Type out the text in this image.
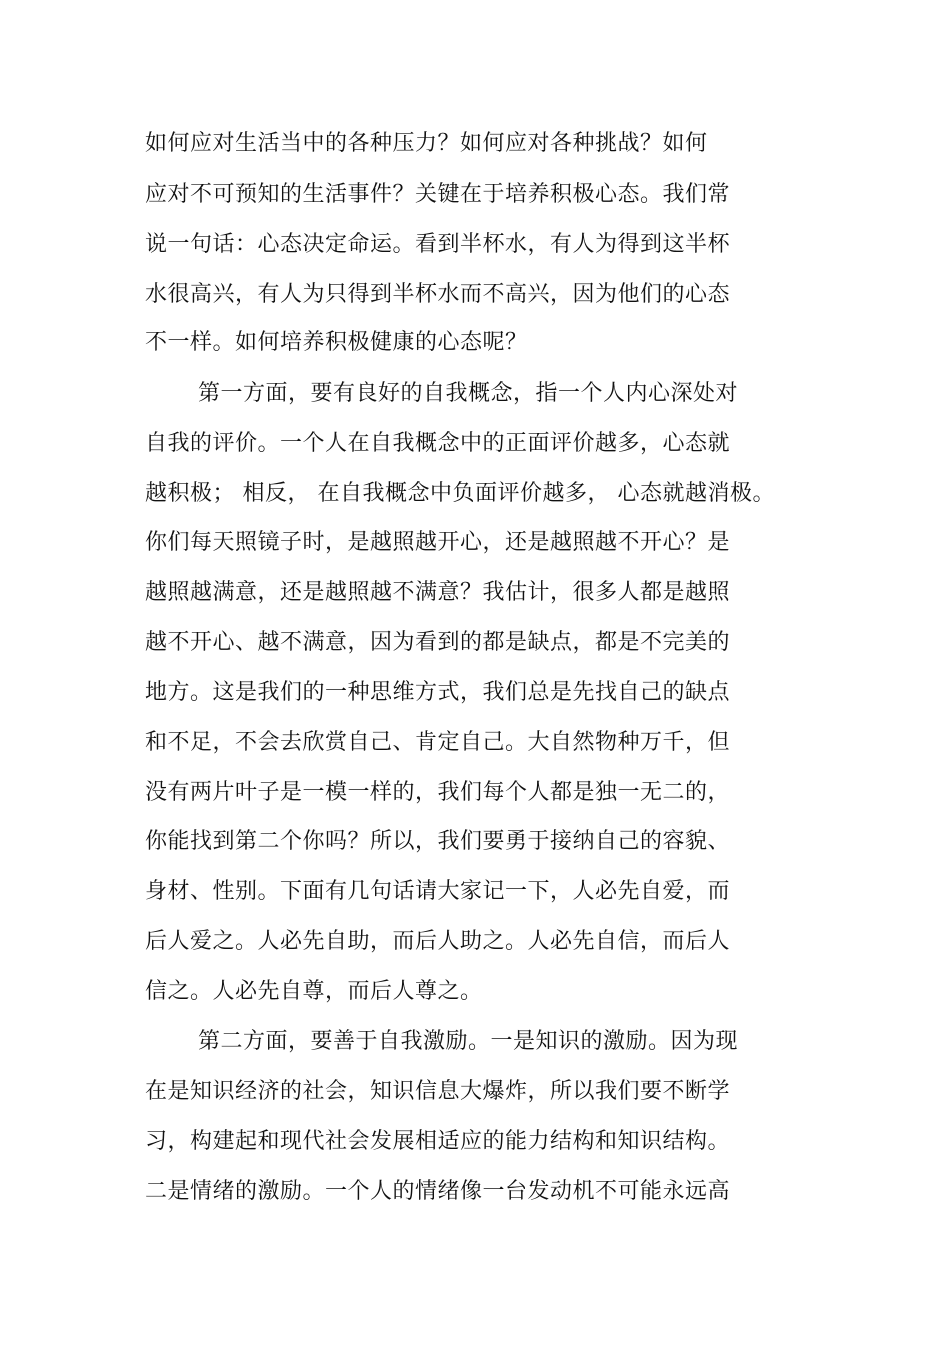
如何应对生活当中的各种压力？如何应对各种挑战？如何
应对不可预知的生活事件？关键在于培养积极心态。我们常
说一句话：心态决定命运。看到半杯水，有人为得到这半杯
水很高兴，有人为只得到半杯水而不高兴，因为他们的心态
不一样。如何培养积极健康的心态呢？
第一方面，要有良好的自我概念，指一个人内心深处对
自我的评价。一个人在自我概念中的正面评价越多，心态就
越积极； 相反， 在自我概念中负面评价越多， 心态就越消极。
你们每天照镜子时，是越照越开心，还是越照越不开心？是
越照越满意，还是越照越不满意？我估计，很多人都是越照
越不开心、越不满意，因为看到的都是缺点，都是不完美的
地方。这是我们的一种思维方式，我们总是先找自己的缺点
和不足，不会去欣赏自己、肯定自己。大自然物种万千，但
没有两片叶子是一模一样的，我们每个人都是独一无二的，
你能找到第二个你吗？所以，我们要勇于接纳自己的容貌、
身材、性别。下面有几句话请大家记一下，人必先自爱，而
后人爱之。人必先自助，而后人助之。人必先自信，而后人
信之。人必先自尊，而后人尊之。
第二方面，要善于自我激励。一是知识的激励。因为现
在是知识经济的社会，知识信息大爆炸，所以我们要不断学
习，构建起和现代社会发展相适应的能力结构和知识结构。
二是情绪的激励。一个人的情绪像一台发动机不可能永远高
